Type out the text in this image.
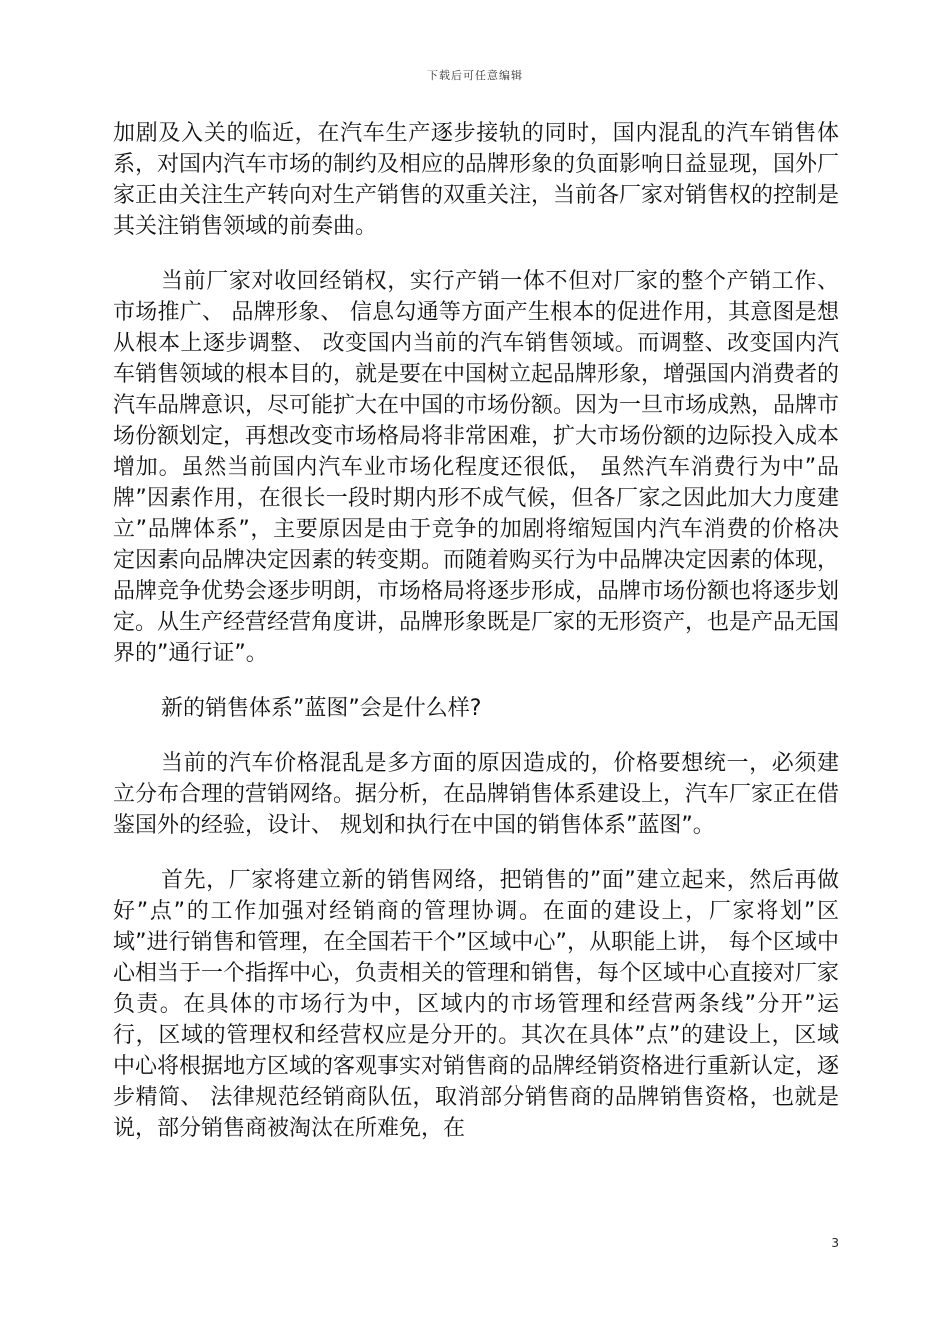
下载后可任意编辑

加剧及入关的临近，在汽车生产逐步接轨的同时，国内混乱的汽车销售体系，对国内汽车市场的制约及相应的品牌形象的负面影响日益显现，国外厂家正由关注生产转向对生产销售的双重关注，当前各厂家对销售权的控制是其关注销售领域的前奏曲。

当前厂家对收回经销权，实行产销一体不但对厂家的整个产销工作、 市场推广、 品牌形象、 信息勾通等方面产生根本的促进作用，其意图是想从根本上逐步调整、 改变国内当前的汽车销售领域。而调整、改变国内汽车销售领域的根本目的，就是要在中国树立起品牌形象，增强国内消费者的汽车品牌意识，尽可能扩大在中国的市场份额。因为一旦市场成熟，品牌市场份额划定，再想改变市场格局将非常困难，扩大市场份额的边际投入成本增加。虽然当前国内汽车业市场化程度还很低， 虽然汽车消费行为中”品牌”因素作用，在很长一段时期内形不成气候，但各厂家之因此加大力度建立”品牌体系”，主要原因是由于竞争的加剧将缩短国内汽车消费的价格决定因素向品牌决定因素的转变期。而随着购买行为中品牌决定因素的体现，品牌竞争优势会逐步明朗，市场格局将逐步形成，品牌市场份额也将逐步划定。从生产经营经营角度讲，品牌形象既是厂家的无形资产，也是产品无国界的”通行证”。

新的销售体系”蓝图”会是什么样?

当前的汽车价格混乱是多方面的原因造成的，价格要想统一，必须建立分布合理的营销网络。据分析，在品牌销售体系建设上，汽车厂家正在借鉴国外的经验，设计、 规划和执行在中国的销售体系”蓝图”。

首先，厂家将建立新的销售网络，把销售的”面”建立起来，然后再做好”点”的工作加强对经销商的管理协调。在面的建设上，厂家将划”区域”进行销售和管理，在全国若干个”区域中心”，从职能上讲， 每个区域中心相当于一个指挥中心，负责相关的管理和销售，每个区域中心直接对厂家负责。在具体的市场行为中，区域内的市场管理和经营两条线”分开”运行，区域的管理权和经营权应是分开的。其次在具体”点”的建设上，区域中心将根据地方区域的客观事实对销售商的品牌经销资格进行重新认定，逐步精简、 法律规范经销商队伍，取消部分销售商的品牌销售资格，也就是说，部分销售商被淘汰在所难免，在

3
